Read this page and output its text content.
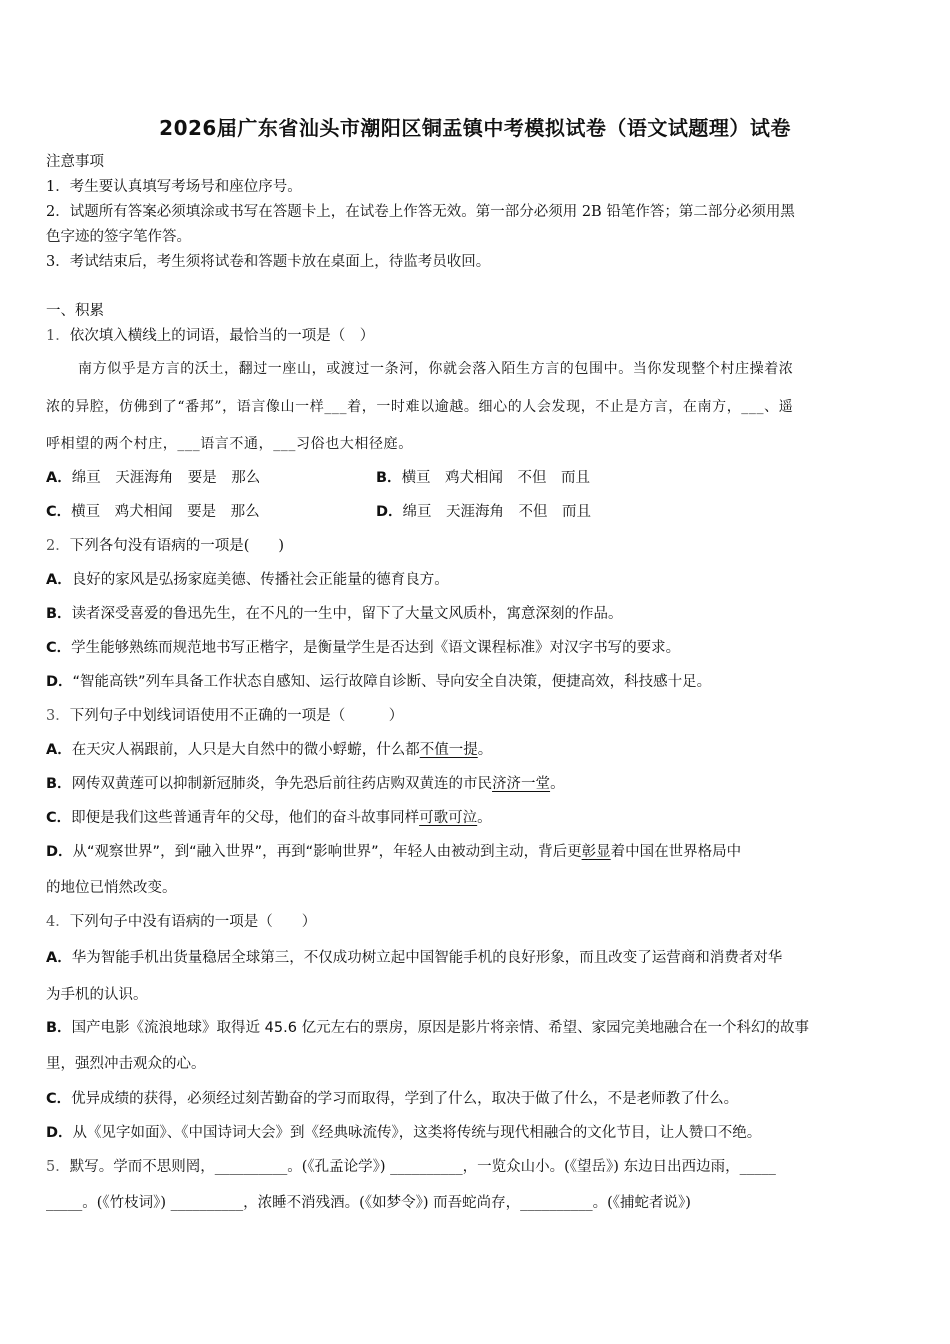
2026届广东省汕头市潮阳区铜盂镇中考模拟试卷（语文试题理）试卷
注意事项
1．考生要认真填写考场号和座位序号。
2．试题所有答案必须填涂或书写在答题卡上，在试卷上作答无效。第一部分必须用 2B 铅笔作答；第二部分必须用黑
色字迹的签字笔作答。
3．考试结束后，考生须将试卷和答题卡放在桌面上，待监考员收回。
一、积累
1．依次填入横线上的词语，最恰当的一项是（　）
南方似乎是方言的沃土，翻过一座山，或渡过一条河，你就会落入陌生方言的包围中。当你发现整个村庄操着浓
浓的异腔，仿佛到了“番邦”，语言像山一样___着，一时难以逾越。细心的人会发现，不止是方言，在南方，___、遥
呼相望的两个村庄，___语言不通，___习俗也大相径庭。
A．绵亘　天涯海角　要是　那么	B．横亘　鸡犬相闻　不但　而且
C．横亘　鸡犬相闻　要是　那么	D．绵亘　天涯海角　不但　而且
2．下列各句没有语病的一项是(　　)
A．良好的家风是弘扬家庭美德、传播社会正能量的德育良方。
B．读者深受喜爱的鲁迅先生，在不凡的一生中，留下了大量文风质朴，寓意深刻的作品。
C．学生能够熟练而规范地书写正楷字，是衡量学生是否达到《语文课程标准》对汉字书写的要求。
D．“智能高铁”列车具备工作状态自感知、运行故障自诊断、导向安全自决策，便捷高效，科技感十足。
3．下列句子中划线词语使用不正确的一项是（　　　）
A．在天灾人祸跟前，人只是大自然中的微小蜉蝣，什么都不值一提。
B．网传双黄莲可以抑制新冠肺炎，争先恐后前往药店购双黄连的市民济济一堂。
C．即便是我们这些普通青年的父母，他们的奋斗故事同样可歌可泣。
D．从“观察世界”，到“融入世界”，再到“影响世界”，年轻人由被动到主动，背后更彰显着中国在世界格局中
的地位已悄然改变。
4．下列句子中没有语病的一项是（　　）
A．华为智能手机出货量稳居全球第三，不仅成功树立起中国智能手机的良好形象，而且改变了运营商和消费者对华
为手机的认识。
B．国产电影《流浪地球》取得近 45.6 亿元左右的票房，原因是影片将亲情、希望、家园完美地融合在一个科幻的故事
里，强烈冲击观众的心。
C．优异成绩的获得，必须经过刻苦勤奋的学习而取得，学到了什么，取决于做了什么，不是老师教了什么。
D．从《见字如面》、《中国诗词大会》到《经典咏流传》，这类将传统与现代相融合的文化节目，让人赞口不绝。
5．默写。学而不思则罔，__________。(《孔孟论学》) __________，一览众山小。(《望岳》) 东边日出西边雨，_____
_____。(《竹枝词》) __________，浓睡不消残酒。(《如梦令》) 而吾蛇尚存，__________。(《捕蛇者说》)
